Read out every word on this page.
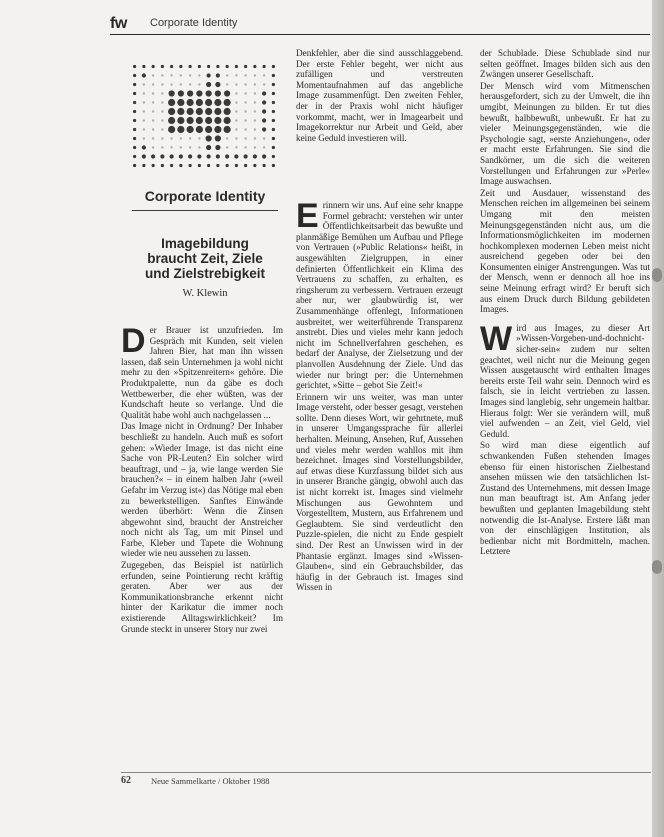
fw Corporate Identity
Corporate Identity
Imagebildung
braucht Zeit, Ziele
und Zielstrebigkeit
W. Klewin
D er Brauer ist unzufrieden. Im Gespräch mit Kunden, seit vielen Jahren Bier, hat man ihn wissen lassen, daß sein Unternehmen ja wohl nicht mehr zu den »Spitzenreitern« gehöre. Die Produktpalette, nun da gäbe es doch Wettbewerber, die eher wüßten, was der Kundschaft heute so verlange. Und die Qualität habe wohl auch nachgelassen ...

Das Image nicht in Ordnung? Der Inhaber beschließt zu handeln. Auch muß es sofort gehen: »Wieder Image, ist das nicht eine Sache von PR-Leuten? Ein solcher wird beauftragt, und – ja, wie lange werden Sie brauchen?« – in einem halben Jahr (»weil Gefahr im Verzug ist«) das Nötige mal eben zu bewerkstelligen. Sanftes Einwände werden überhört: Wenn die Zinsen abgewohnt sind, braucht der Anstreicher noch nicht als Tag, um mit Pinsel und Farbe, Kleber und Tapete die Wohnung wieder wie neu aussehen zu lassen.

Zugegeben, das Beispiel ist natürlich erfunden, seine Pointierung recht kräftig geraten. Aber wer aus der Kommunikationsbranche erkennt nicht hinter der Karikatur die immer noch existierende Alltagswirklichkeit? Im Grunde steckt in unserer Story nur zwei

Denkfehler, aber die sind ausschlaggebend. Der erste Fehler begeht, wer nicht aus zufälligen und verstreuten Momentaufnahmen auf das angebliche Image zusammenfügt. Den zweiten Fehler, der in der Praxis wohl nicht häufiger vorkommt, macht, wer in Imagearbeit und Imagekorrektur nur Arbeit und Geld, aber keine Geduld investieren will.

E rinnern wir uns. Auf eine sehr knappe Formel gebracht: verstehen wir unter Öffentlichkeitsarbeit das bewußte und planmäßige Bemühen um Aufbau und Pflege von Vertrauen (»Public Relations« heißt, in ausgewählten Zielgruppen, in einer definierten Öffentlichkeit ein Klima des Vertrauens zu schaffen, zu erhalten, es ringsherum zu verbessern. Vertrauen erzeugt aber nur, wer glaubwürdig ist, wer Zusammenhänge offenlegt, Informationen ausbreitet, wer weiterführende Transparenz anstrebt. Dies und vieles mehr kann jedoch nicht im Schnellverfahren geschehen, es bedarf der Analyse, der Zielsetzung und der planvollen Ausdehnung der Ziele. Und das wieder nur bringt per: die Unternehmen gerichtet, »Sitte – gebot Sie Zeit!«

Erinnern wir uns weiter, was man unter Image versteht, oder besser gesagt, verstehen sollte. Denn dieses Wort, wir gehrtnete, muß in unserer Umgangssprache für allerlei herhalten. Meinung, Ansehen, Ruf, Aussehen und vieles mehr werden wahllos mit ihm bezeichnet. Images sind Vorstellungsbilder, auf etwas diese Kurzfassung bildet sich aus in unserer Branche gängig, obwohl auch das ist nicht korrekt ist. Images sind vielmehr Mischungen aus Gewohntem und Vorgestelltem, Mustern, aus Erfahrenem und Geglaubtem. Sie sind verdeutlicht den Puzzle-spielen, die nicht zu Ende gespielt sind. Der Rest an Unwissen wird in der Phantasie ergänzt. Images sind »Wissen-Glauben«, sind ein Gebrauchsbilder, das häufig in der Gebrauch ist. Images sind Wissen in

der Schublade. Diese Schublade sind nur selten geöffnet. Images bilden sich aus den Zwängen unserer Gesellschaft.

Der Mensch wird vom Mitmenschen herausgefordert, sich zu der Umwelt, die ihn umgibt, Meinungen zu bilden. Er tut dies bewußt, halbbewußt, unbewußt. Er hat zu vieler Meinungsgegenständen, wie die Psychologie sagt, »erste Anziehungen«, oder er macht erste Erfahrungen. Sie sind die Sandkörner, um die sich die weiteren Vorstellungen und Erfahrungen zur »Perle« Image auswachsen.

Zeit und Ausdauer, wissenstand des Menschen reichen im allgemeinen bei seinem Umgang mit den meisten Meinungsgegenständen nicht aus, um die Informationsmöglichkeiten im modernen hochkomplexen modernen Leben meist nicht ausreichend gegeben oder bei den Konsumenten einiger Anstrengungen. Was tut der Mensch, wenn er dennoch all hoe ins seine Meinung erfragt wird? Er beruft sich aus einem Druck durch Bildung gebildeten Images.

W ird aus Images, zu dieser Art »Wissen-Vorgeben-und-dochnicht-sicher-sein« zudem nur selten geachtet, weil nicht nur die Meinung gegen Wissen ausgetauscht wird enthalten Images bereits erste Teil wahr sein. Dennoch wird es falsch, sie in leicht vertrieben zu lassen. Images sind langlebig, sehr ungemein haltbar. Hieraus folgt: Wer sie verändern will, muß viel aufwenden – an Zeit, viel Geld, viel Geduld.

So wird man diese eigentlich auf schwankenden Fußen stehenden Images ebenso für einen historischen Zielbestand ansehen müssen wie den tatsächlichen Ist-Zustand des Unternehmens, mit dessen Image nun man beauftragt ist. Am Anfang jeder bewußten und geplanten Imagebildung steht notwendig die Ist-Analyse. Erstere läßt man von der einschlägigen Institution, als bedienbar nicht mit Bordmitteln, machen. Letztere

62 Neue Sammelkarte / Oktober 1988
